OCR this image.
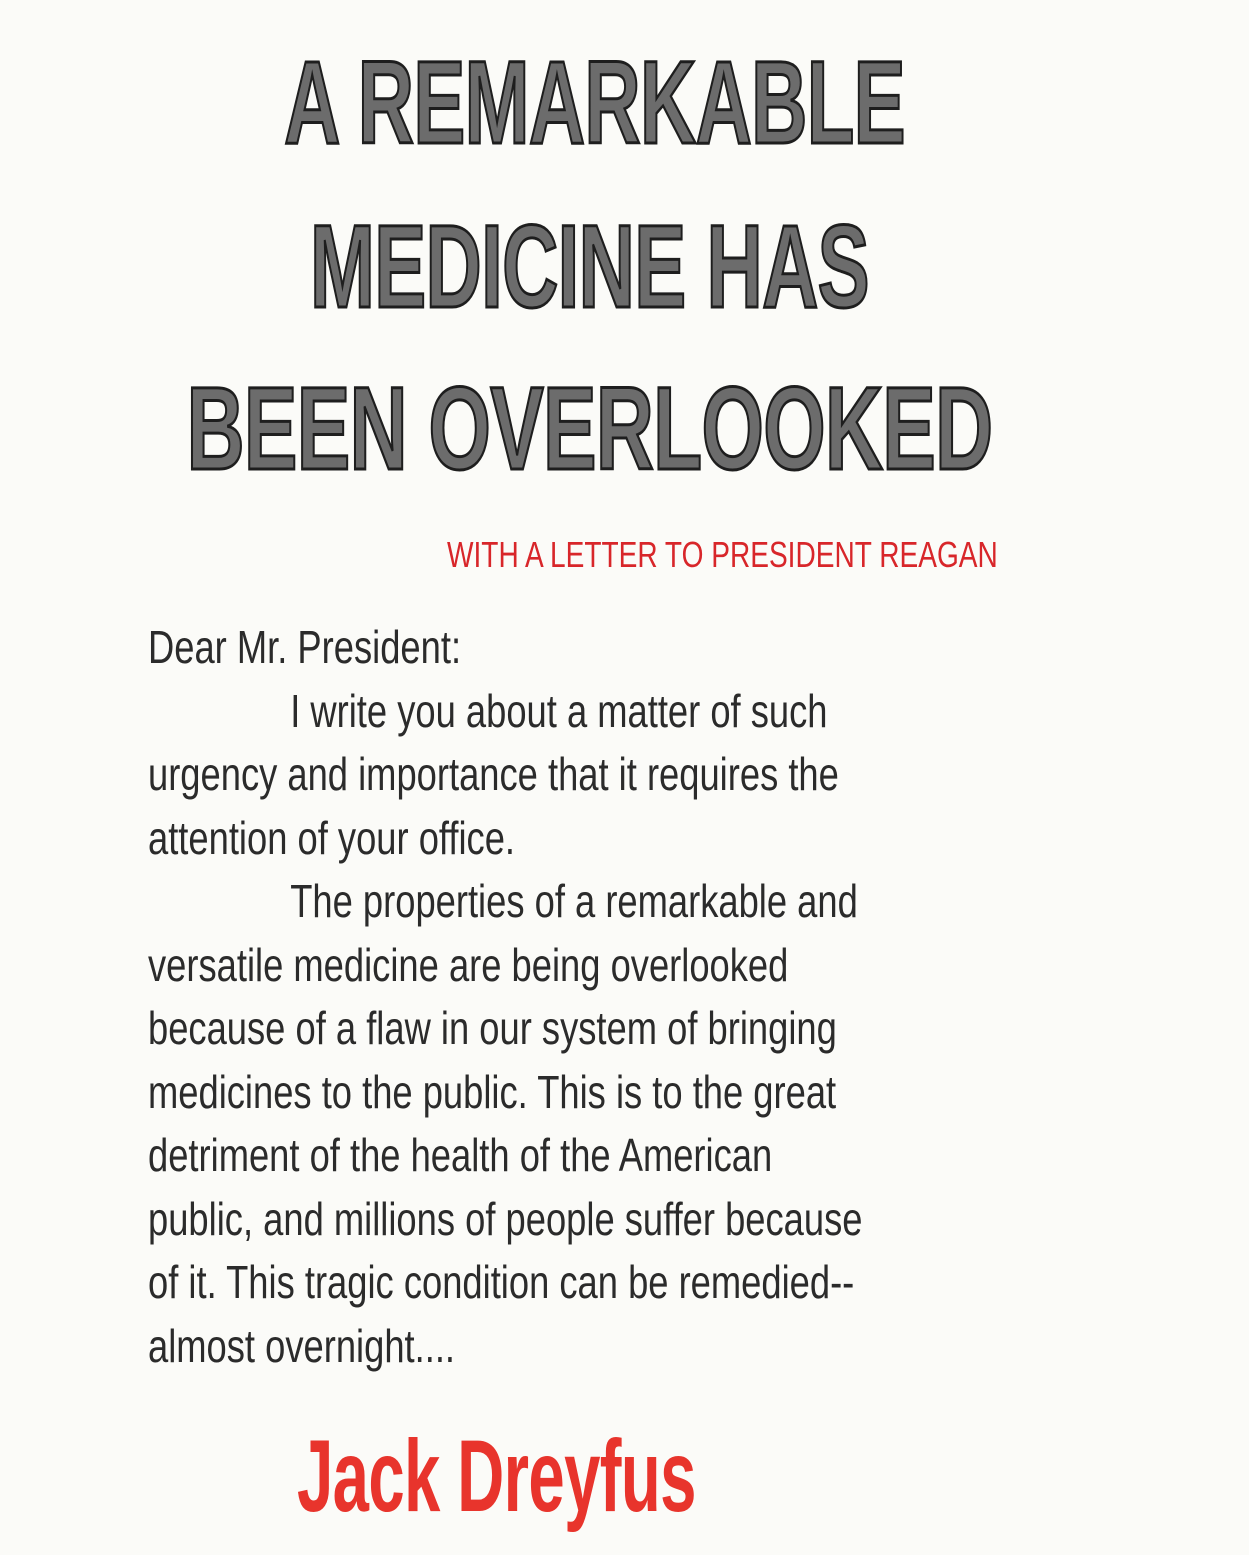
A REMARKABLE
MEDICINE HAS
BEEN OVERLOOKED
WITH A LETTER TO PRESIDENT REAGAN
Dear Mr. President:
I write you about a matter of such
urgency and importance that it requires the
attention of your office.
The properties of a remarkable and
versatile medicine are being overlooked
because of a flaw in our system of bringing
medicines to the public. This is to the great
detriment of the health of the American
public, and millions of people suffer because
of it. This tragic condition can be remedied--
almost overnight....
Jack Dreyfus
